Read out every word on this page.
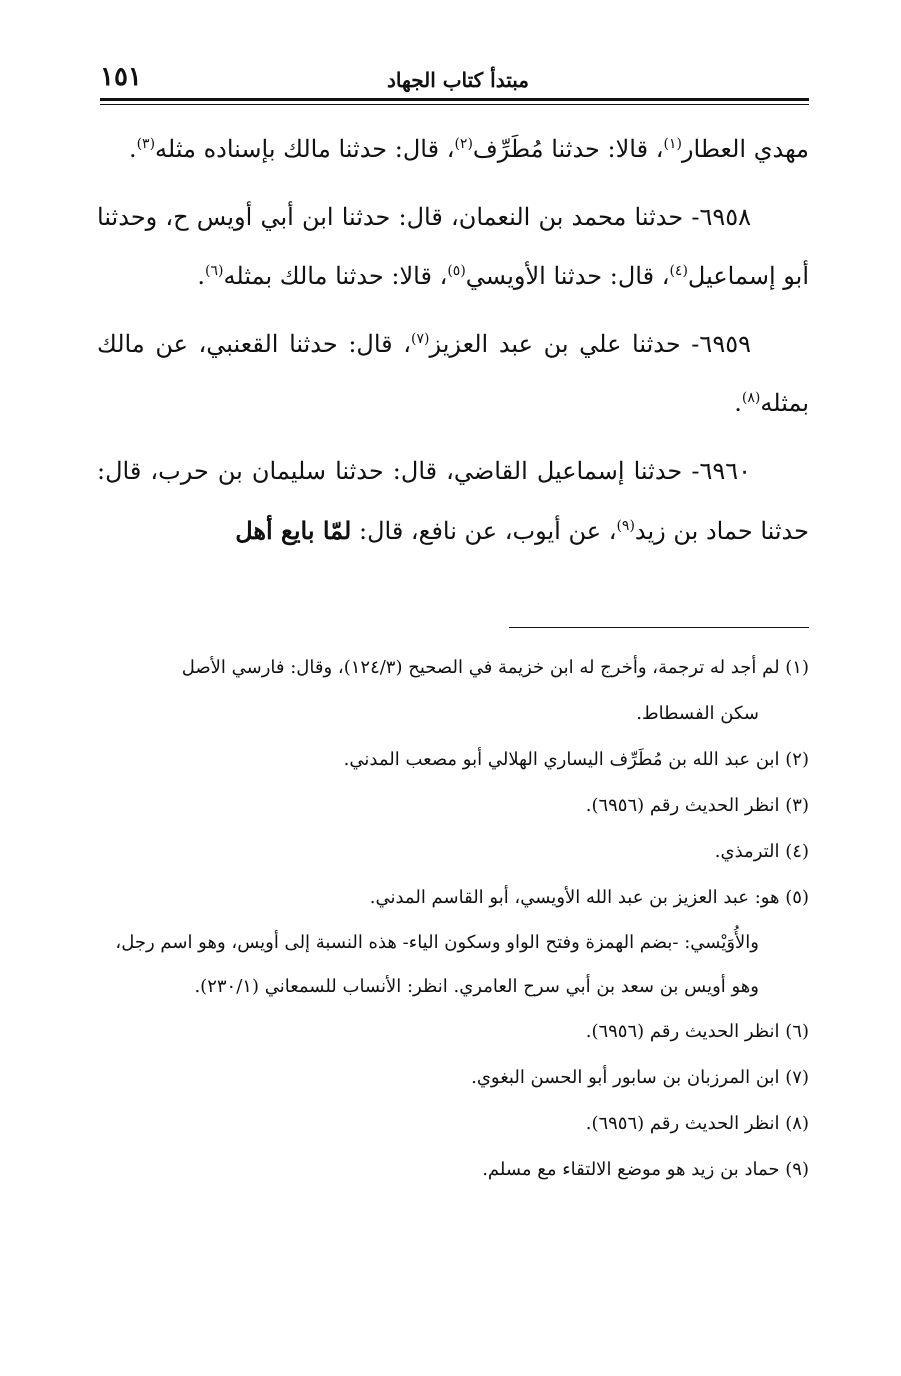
مبتدأ كتاب الجهاد
١٥١

مهدي العطار$^{(١)}$، قالا: حدثنا مُطَرِّف$^{(٢)}$، قال: حدثنا مالك بإسناده مثله$^{(٣)}$.

٦٩٥٨- حدثنا محمد بن النعمان، قال: حدثنا ابن أبي أويس ح، وحدثنا أبو إسماعيل$^{(٤)}$، قال: حدثنا الأويسي$^{(٥)}$، قالا: حدثنا مالك بمثله$^{(٦)}$.

٦٩٥٩- حدثنا علي بن عبد العزيز$^{(٧)}$، قال: حدثنا القعنبي، عن مالك بمثله$^{(٨)}$.

٦٩٦٠- حدثنا إسماعيل القاضي، قال: حدثنا سليمان بن حرب، قال: حدثنا حماد بن زيد$^{(٩)}$، عن أيوب، عن نافع، قال: لمّا بايع أهل

(١) لم أجد له ترجمة، وأخرج له ابن خزيمة في الصحيح (١٢٤/٣)، وقال: فارسي الأصل
سكن الفسطاط.
(٢) ابن عبد الله بن مُطَرِّف اليساري الهلالي أبو مصعب المدني.
(٣) انظر الحديث رقم (٦٩٥٦).
(٤) الترمذي.
(٥) هو: عبد العزيز بن عبد الله الأويسي، أبو القاسم المدني.
والأُوَيْسي: -بضم الهمزة وفتح الواو وسكون الياء- هذه النسبة إلى أويس، وهو اسم رجل، وهو أويس بن سعد بن أبي سرح العامري. انظر: الأنساب للسمعاني (٢٣٠/١).
(٦) انظر الحديث رقم (٦٩٥٦).
(٧) ابن المرزبان بن سابور أبو الحسن البغوي.
(٨) انظر الحديث رقم (٦٩٥٦).
(٩) حماد بن زيد هو موضع الالتقاء مع مسلم.
